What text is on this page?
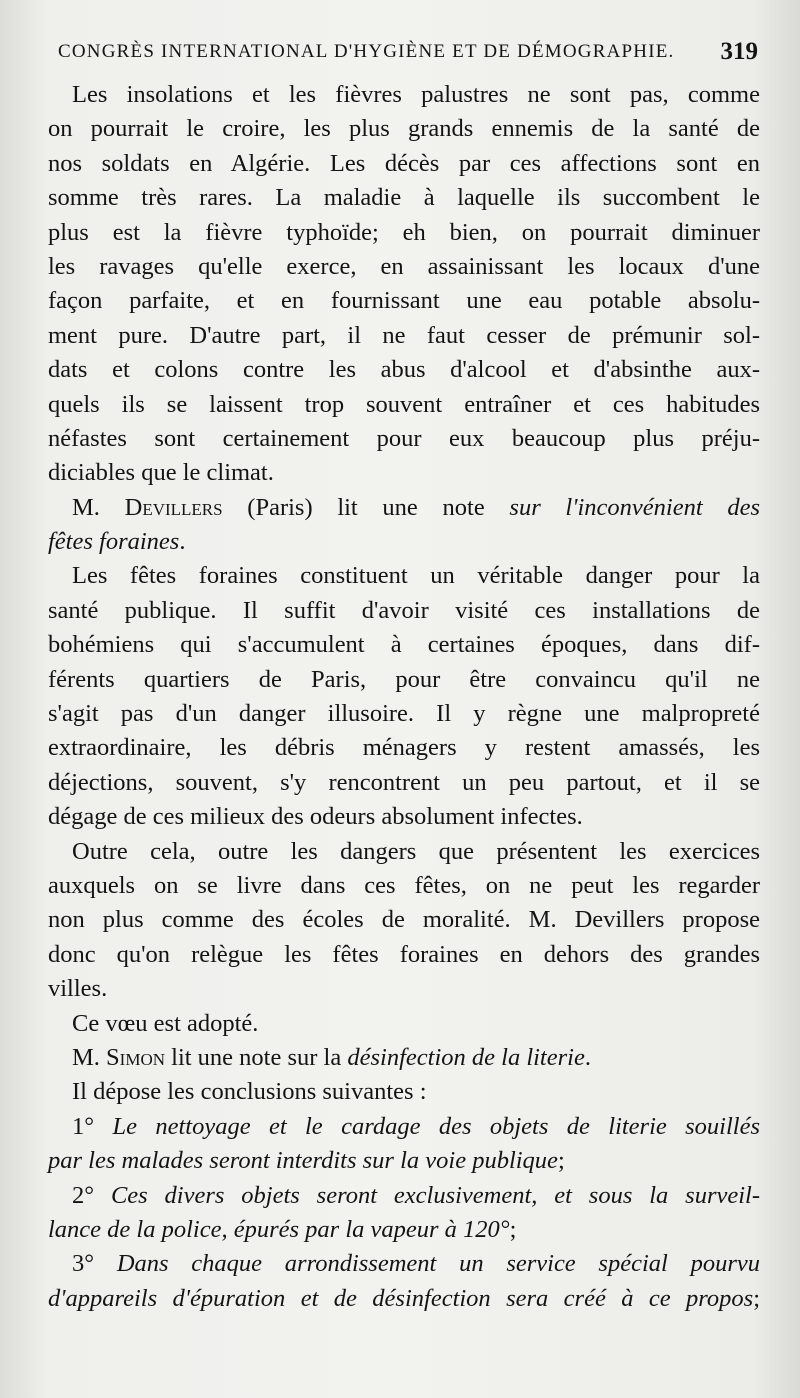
CONGRÈS INTERNATIONAL D'HYGIÈNE ET DE DÉMOGRAPHIE. 319
Les insolations et les fièvres palustres ne sont pas, comme
on pourrait le croire, les plus grands ennemis de la santé de
nos soldats en Algérie. Les décès par ces affections sont en
somme très rares. La maladie à laquelle ils succombent le
plus est la fièvre typhoïde; eh bien, on pourrait diminuer
les ravages qu'elle exerce, en assainissant les locaux d'une
façon parfaite, et en fournissant une eau potable absolu-
ment pure. D'autre part, il ne faut cesser de prémunir sol-
dats et colons contre les abus d'alcool et d'absinthe aux-
quels ils se laissent trop souvent entraîner et ces habitudes
néfastes sont certainement pour eux beaucoup plus préju-
diciables que le climat.
M. Devillers (Paris) lit une note sur l'inconvénient des
fêtes foraines.
Les fêtes foraines constituent un véritable danger pour la
santé publique. Il suffit d'avoir visité ces installations de
bohémiens qui s'accumulent à certaines époques, dans dif-
férents quartiers de Paris, pour être convaincu qu'il ne
s'agit pas d'un danger illusoire. Il y règne une malpropreté
extraordinaire, les débris ménagers y restent amassés, les
déjections, souvent, s'y rencontrent un peu partout, et il se
dégage de ces milieux des odeurs absolument infectes.
Outre cela, outre les dangers que présentent les exercices
auxquels on se livre dans ces fêtes, on ne peut les regarder
non plus comme des écoles de moralité. M. Devillers propose
donc qu'on relègue les fêtes foraines en dehors des grandes
villes.
Ce vœu est adopté.
M. Simon lit une note sur la désinfection de la literie.
Il dépose les conclusions suivantes :
1° Le nettoyage et le cardage des objets de literie souillés
par les malades seront interdits sur la voie publique;
2° Ces divers objets seront exclusivement, et sous la surveil-
lance de la police, épurés par la vapeur à 120°;
3° Dans chaque arrondissement un service spécial pourvu
d'appareils d'épuration et de désinfection sera créé à ce propos;
